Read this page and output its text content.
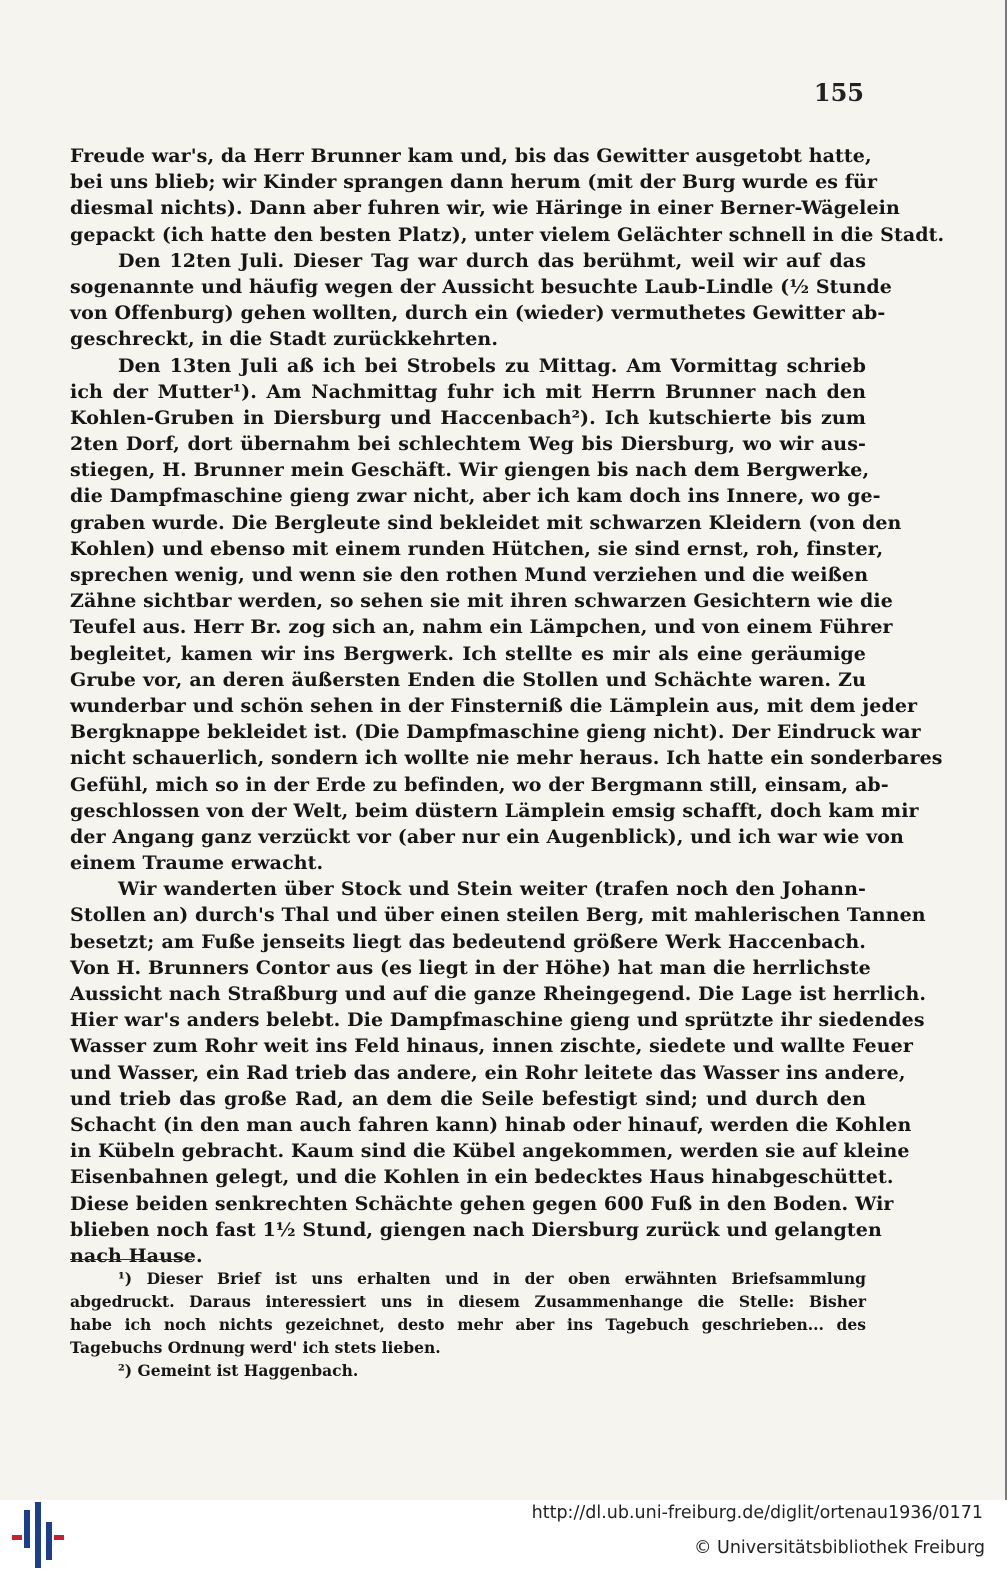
155
Freude war's, da Herr Brunner kam und, bis das Gewitter ausgetobt hatte,
bei uns blieb; wir Kinder sprangen dann herum (mit der Burg wurde es für
diesmal nichts). Dann aber fuhren wir, wie Häringe in einer Berner-Wägelein
gepackt (ich hatte den besten Platz), unter vielem Gelächter schnell in die Stadt.
Den 12ten Juli. Dieser Tag war durch das berühmt, weil wir auf das
sogenannte und häufig wegen der Aussicht besuchte Laub-Lindle (½ Stunde
von Offenburg) gehen wollten, durch ein (wieder) vermuthetes Gewitter ab-
geschreckt, in die Stadt zurückkehrten.
Den 13ten Juli aß ich bei Strobels zu Mittag. Am Vormittag schrieb
ich der Mutter¹). Am Nachmittag fuhr ich mit Herrn Brunner nach den
Kohlen-Gruben in Diersburg und Haccenbach²). Ich kutschierte bis zum
2ten Dorf, dort übernahm bei schlechtem Weg bis Diersburg, wo wir aus-
stiegen, H. Brunner mein Geschäft. Wir giengen bis nach dem Bergwerke,
die Dampfmaschine gieng zwar nicht, aber ich kam doch ins Innere, wo ge-
graben wurde. Die Bergleute sind bekleidet mit schwarzen Kleidern (von den
Kohlen) und ebenso mit einem runden Hütchen, sie sind ernst, roh, finster,
sprechen wenig, und wenn sie den rothen Mund verziehen und die weißen
Zähne sichtbar werden, so sehen sie mit ihren schwarzen Gesichtern wie die
Teufel aus. Herr Br. zog sich an, nahm ein Lämpchen, und von einem Führer
begleitet, kamen wir ins Bergwerk. Ich stellte es mir als eine geräumige
Grube vor, an deren äußersten Enden die Stollen und Schächte waren. Zu
wunderbar und schön sehen in der Finsterniß die Lämplein aus, mit dem jeder
Bergknappe bekleidet ist. (Die Dampfmaschine gieng nicht). Der Eindruck war
nicht schauerlich, sondern ich wollte nie mehr heraus. Ich hatte ein sonderbares
Gefühl, mich so in der Erde zu befinden, wo der Bergmann still, einsam, ab-
geschlossen von der Welt, beim düstern Lämplein emsig schafft, doch kam mir
der Angang ganz verzückt vor (aber nur ein Augenblick), und ich war wie von
einem Traume erwacht.
Wir wanderten über Stock und Stein weiter (trafen noch den Johann-
Stollen an) durch's Thal und über einen steilen Berg, mit mahlerischen Tannen
besetzt; am Fuße jenseits liegt das bedeutend größere Werk Haccenbach.
Von H. Brunners Contor aus (es liegt in der Höhe) hat man die herrlichste
Aussicht nach Straßburg und auf die ganze Rheingegend. Die Lage ist herrlich.
Hier war's anders belebt. Die Dampfmaschine gieng und sprützte ihr siedendes
Wasser zum Rohr weit ins Feld hinaus, innen zischte, siedete und wallte Feuer
und Wasser, ein Rad trieb das andere, ein Rohr leitete das Wasser ins andere,
und trieb das große Rad, an dem die Seile befestigt sind; und durch den
Schacht (in den man auch fahren kann) hinab oder hinauf, werden die Kohlen
in Kübeln gebracht. Kaum sind die Kübel angekommen, werden sie auf kleine
Eisenbahnen gelegt, und die Kohlen in ein bedecktes Haus hinabgeschüttet.
Diese beiden senkrechten Schächte gehen gegen 600 Fuß in den Boden. Wir
blieben noch fast 1½ Stund, giengen nach Diersburg zurück und gelangten
nach Hause.
¹) Dieser Brief ist uns erhalten und in der oben erwähnten Briefsammlung
abgedruckt. Daraus interessiert uns in diesem Zusammenhange die Stelle: Bisher
habe ich noch nichts gezeichnet, desto mehr aber ins Tagebuch geschrieben... des
Tagebuchs Ordnung werd' ich stets lieben.
²) Gemeint ist Haggenbach.
http://dl.ub.uni-freiburg.de/diglit/ortenau1936/0171
© Universitätsbibliothek Freiburg
